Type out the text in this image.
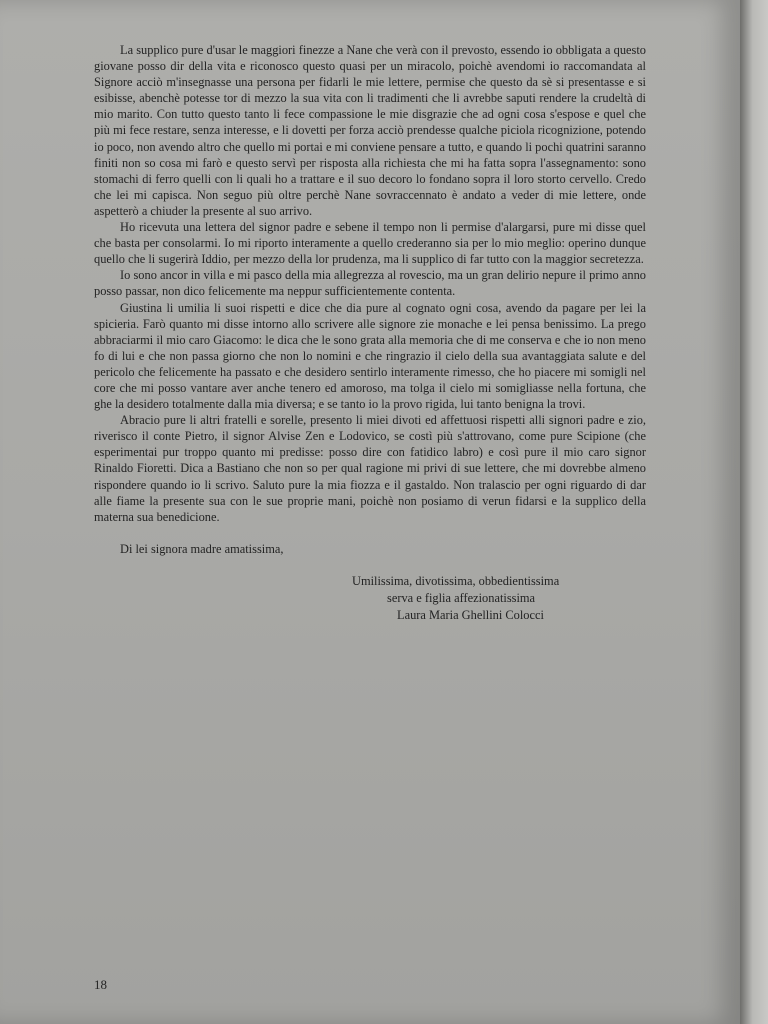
La supplico pure d'usar le maggiori finezze a Nane che verà con il prevosto, essendo io obbligata a questo giovane posso dir della vita e riconosco questo quasi per un miracolo, poichè avendomi io raccomandata al Signore acciò m'insegnasse una persona per fidarli le mie lettere, permise che questo da sè si presentasse e si esibisse, abenchè potesse tor di mezzo la sua vita con li tradimenti che li avrebbe saputi rendere la crudeltà di mio marito. Con tutto questo tanto li fece compassione le mie disgrazie che ad ogni cosa s'espose e quel che più mi fece restare, senza interesse, e li dovetti per forza acciò prendesse qualche piciola ricognizione, potendo io poco, non avendo altro che quello mi portai e mi conviene pensare a tutto, e quando li pochi quatrini saranno finiti non so cosa mi farò e questo servì per risposta alla richiesta che mi ha fatta sopra l'assegnamento: sono stomachi di ferro quelli con li quali ho a trattare e il suo decoro lo fondano sopra il loro storto cervello. Credo che lei mi capisca. Non seguo più oltre perchè Nane sovraccennato è andato a veder di mie lettere, onde aspetterò a chiuder la presente al suo arrivo.

Ho ricevuta una lettera del signor padre e sebene il tempo non li permise d'alargarsi, pure mi disse quel che basta per consolarmi. Io mi riporto interamente a quello crederanno sia per lo mio meglio: operino dunque quello che li sugerirà Iddio, per mezzo della lor prudenza, ma li supplico di far tutto con la maggior secretezza.

Io sono ancor in villa e mi pasco della mia allegrezza al rovescio, ma un gran delirio nepure il primo anno posso passar, non dico felicemente ma neppur sufficientemente contenta.

Giustina li umilia li suoi rispetti e dice che dia pure al cognato ogni cosa, avendo da pagare per lei la spicieria. Farò quanto mi disse intorno allo scrivere alle signore zie monache e lei pensa benissimo. La prego abbraciarmi il mio caro Giacomo: le dica che le sono grata alla memoria che di me conserva e che io non meno fo di lui e che non passa giorno che non lo nomini e che ringrazio il cielo della sua avantaggiata salute e del pericolo che felicemente ha passato e che desidero sentirlo interamente rimesso, che ho piacere mi somigli nel core che mi posso vantare aver anche tenero ed amoroso, ma tolga il cielo mi somigliasse nella fortuna, che ghe la desidero totalmente dalla mia diversa; e se tanto io la provo rigida, lui tanto benigna la trovi.

Abracio pure li altri fratelli e sorelle, presento li miei divoti ed affettuosi rispetti alli signori padre e zio, riverisco il conte Pietro, il signor Alvise Zen e Lodovico, se costì più s'attrovano, come pure Scipione (che esperimentai pur troppo quanto mi predisse: posso dire con fatidico labro) e così pure il mio caro signor Rinaldo Fioretti. Dica a Bastiano che non so per qual ragione mi privi di sue lettere, che mi dovrebbe almeno rispondere quando io li scrivo. Saluto pure la mia fiozza e il gastaldo. Non tralascio per ogni riguardo di dar alle fiame la presente sua con le sue proprie mani, poichè non posiamo di verun fidarsi e la supplico della materna sua benedicione.

Di lei signora madre amatissima,

Umilissima, divotissima, obbedientissima
serva e figlia affezionatissima
Laura Maria Ghellini Colocci
18
